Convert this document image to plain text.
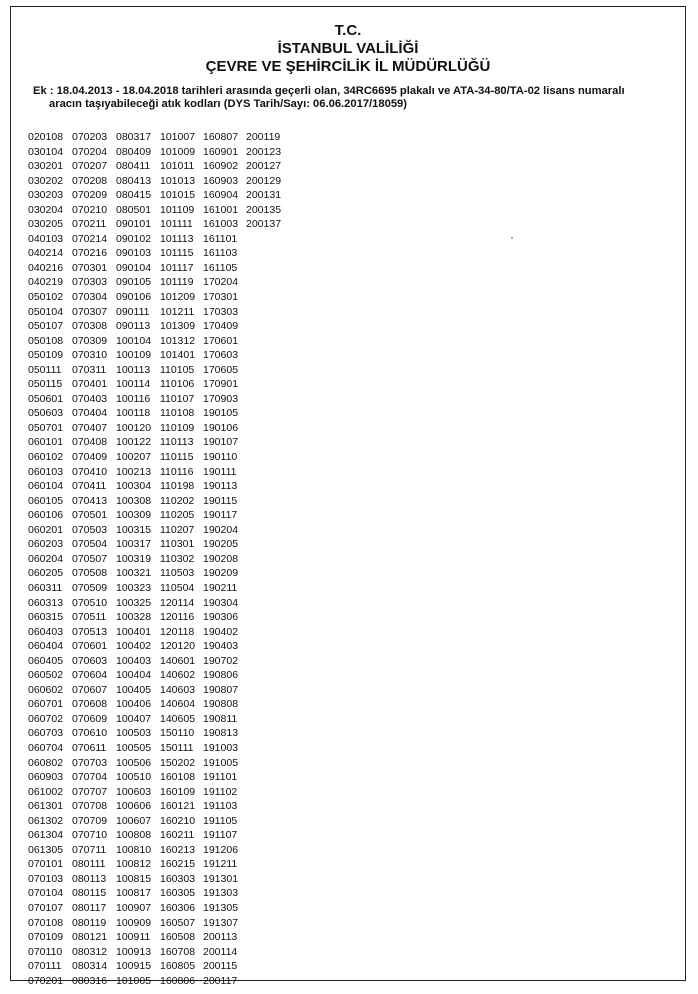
T.C.
İSTANBUL VALİLİĞİ
ÇEVRE VE ŞEHİRCİLİK İL MÜDÜRLÜĞÜ
Ek : 18.04.2013 - 18.04.2018 tarihleri arasında geçerli olan, 34RC6695 plakalı ve ATA-34-80/TA-02 lisans numaralı
aracın taşıyabileceği atık kodları (DYS Tarih/Sayı: 06.06.2017/18059)
020108
030104
030201
030202
030203
030204
030205
040103
040214
040216
040219
050102
050104
050107
050108
050109
050111
050115
050601
050603
050701
060101
060102
060103
060104
060105
060106
060201
060203
060204
060205
060311
060313
060315
060403
060404
060405
060502
060602
060701
060702
060703
060704
060802
060903
061002
061301
061302
061304
061305
070101
070103
070104
070107
070108
070109
070110
070111
070201
070203
070204
070207
070208
070209
070210
070211
070214
070216
070301
070303
070304
070307
070308
070309
070310
070311
070401
070403
070404
070407
070408
070409
070410
070411
070413
070501
070503
070504
070507
070508
070509
070510
070511
070513
070601
070603
070604
070607
070608
070609
070610
070611
070703
070704
070707
070708
070709
070710
070711
080111
080113
080115
080117
080119
080121
080312
080314
080316
080317
080409
080411
080413
080415
080501
090101
090102
090103
090104
090105
090106
090111
090113
100104
100109
100113
100114
100116
100118
100120
100122
100207
100213
100304
100308
100309
100315
100317
100319
100321
100323
100325
100328
100401
100402
100403
100404
100405
100406
100407
100503
100505
100506
100510
100603
100606
100607
100808
100810
100812
100815
100817
100907
100909
100911
100913
100915
101005
101007
101009
101011
101013
101015
101109
101111
101113
101115
101117
101119
101209
101211
101309
101312
101401
110105
110106
110107
110108
110109
110113
110115
110116
110198
110202
110205
110207
110301
110302
110503
110504
120114
120116
120118
120120
140601
140602
140603
140604
140605
150110
150111
150202
160108
160109
160121
160210
160211
160213
160215
160303
160305
160306
160507
160508
160708
160805
160806
160807
160901
160902
160903
160904
161001
161003
161101
161103
161105
170204
170301
170303
170409
170601
170603
170605
170901
170903
190105
190106
190107
190110
190111
190113
190115
190117
190204
190205
190208
190209
190211
190304
190306
190402
190403
190702
190806
190807
190808
190811
190813
191003
191005
191101
191102
191103
191105
191107
191206
191211
191301
191303
191305
191307
200113
200114
200115
200117
200119
200123
200127
200129
200131
200135
200137
